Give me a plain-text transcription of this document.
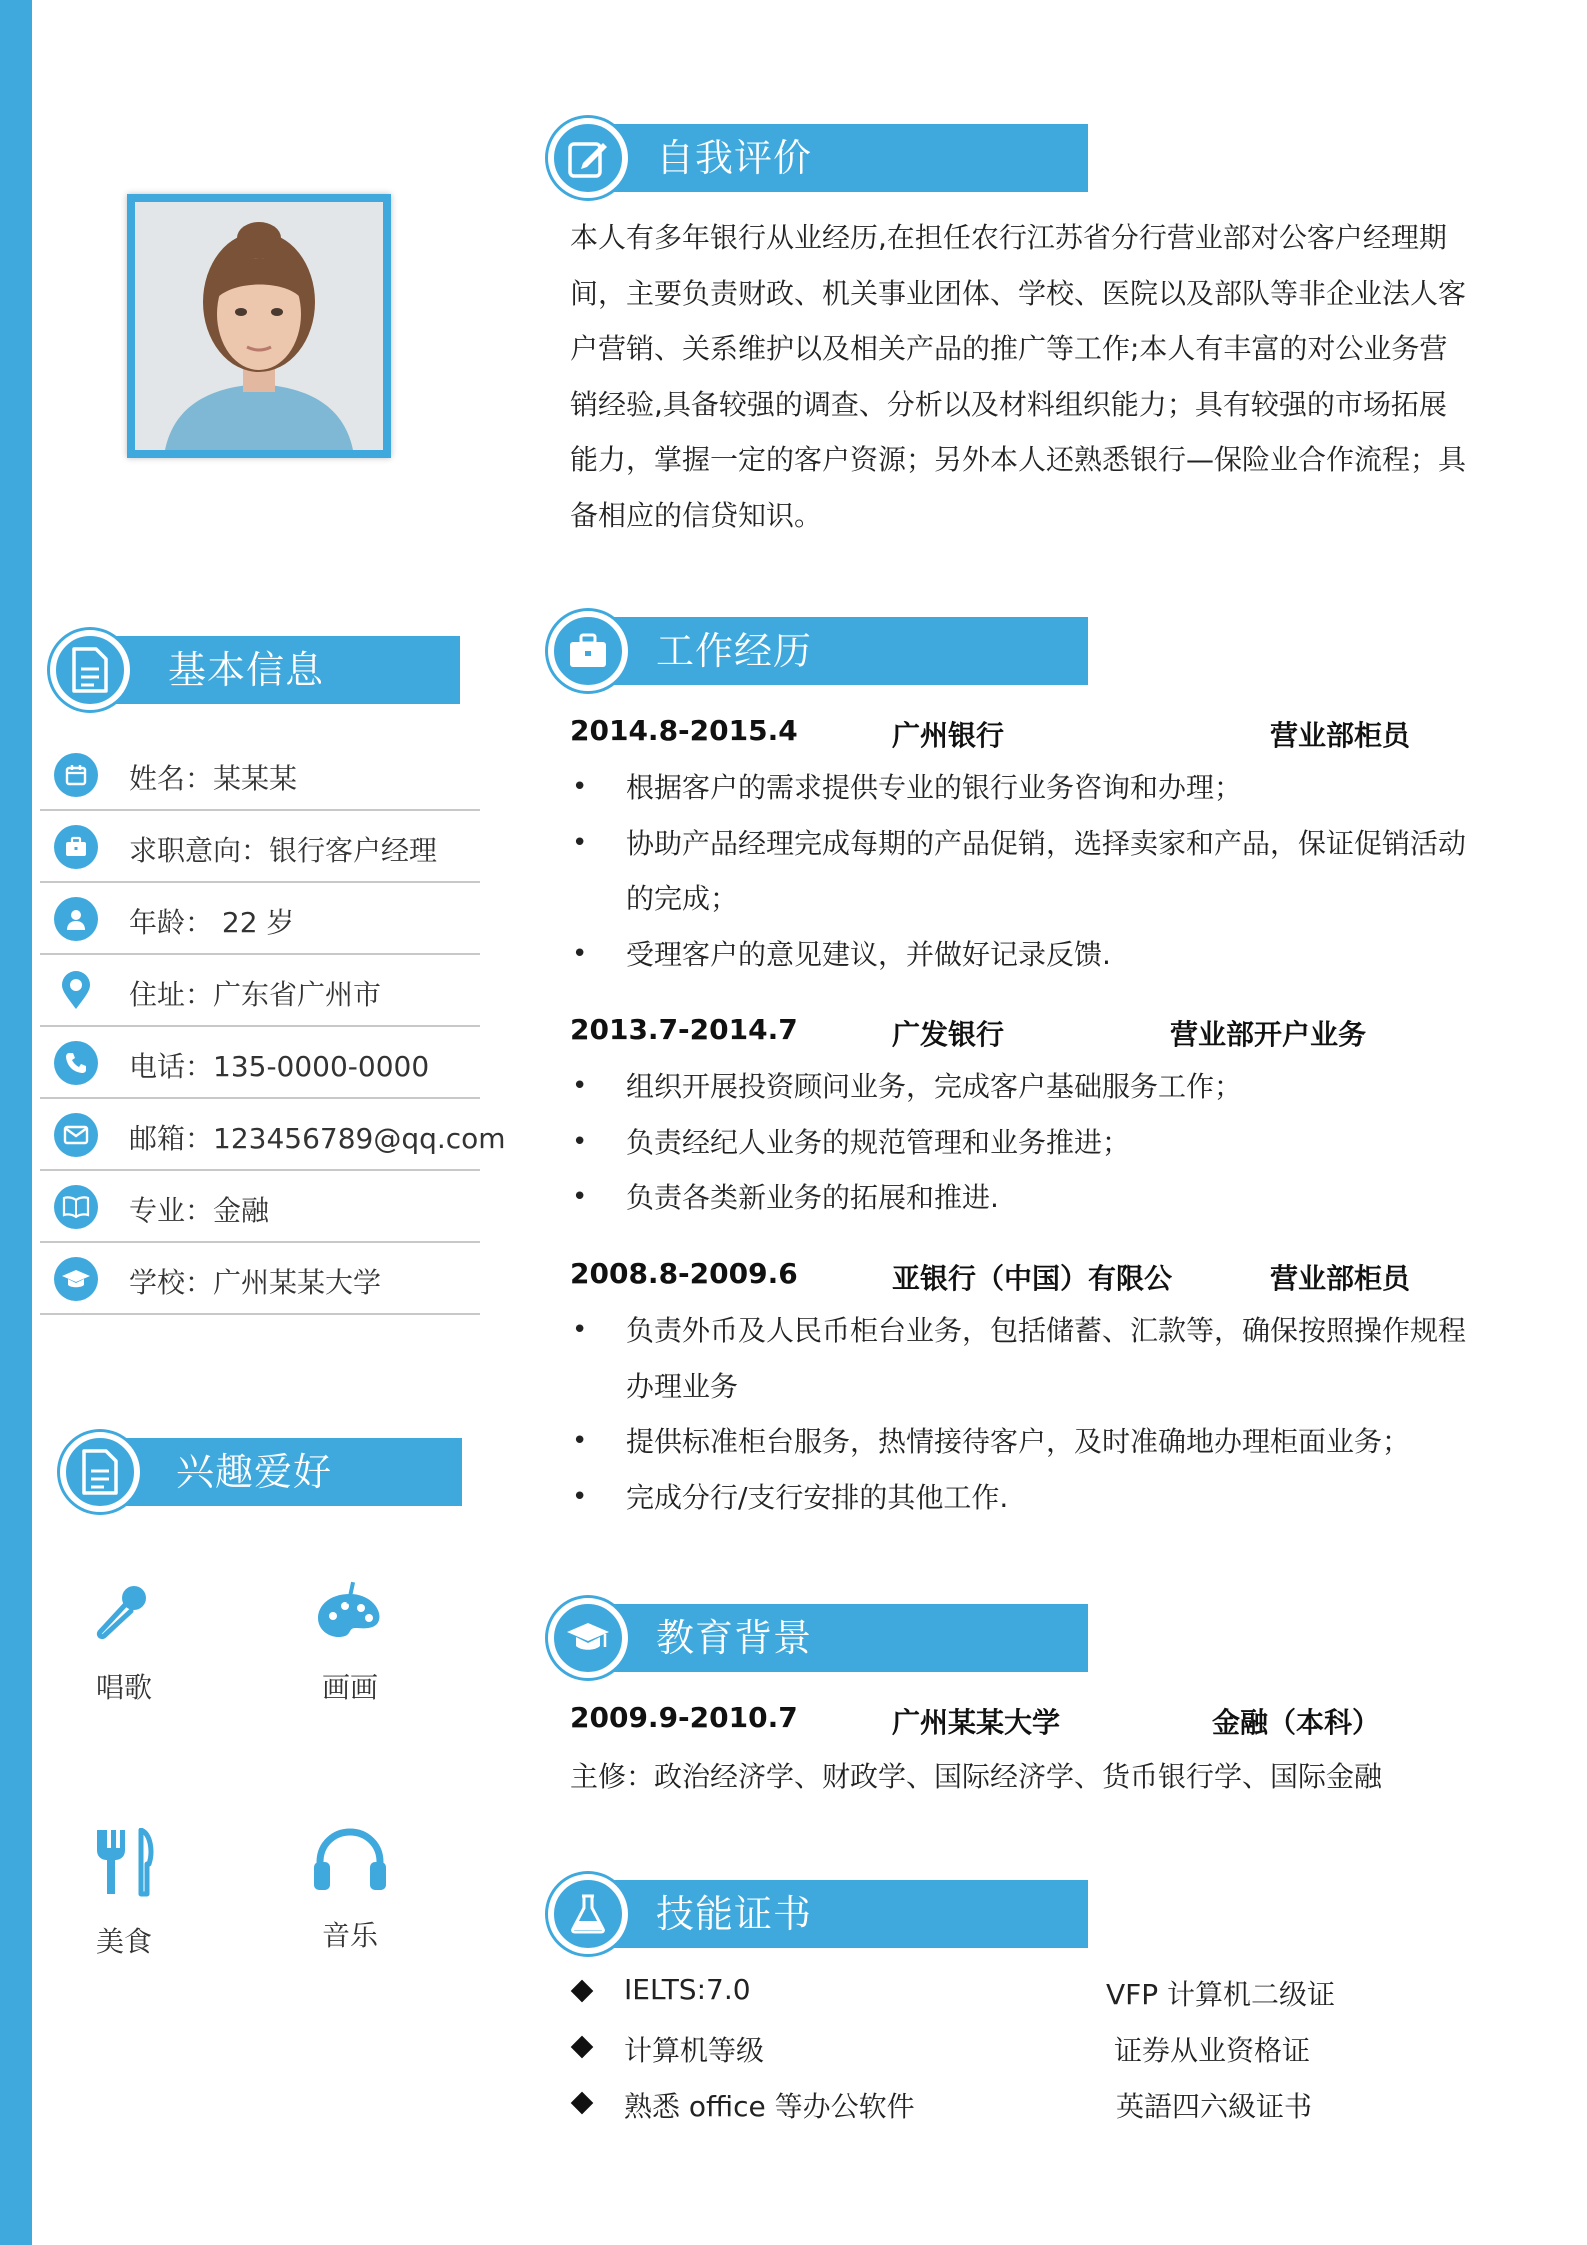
基本信息
姓名：某某某
求职意向：银行客户经理
年龄： 22 岁
住址：广东省广州市
电话：135-0000-0000
邮箱：123456789@qq.com
专业：金融
学校：广州某某大学
兴趣爱好
唱歌	画画
美食	音乐
自我评价
本人有多年银行从业经历,在担任农行江苏省分行营业部对公客户经理期间，主要负责财政、机关事业团体、学校、医院以及部队等非企业法人客户营销、关系维护以及相关产品的推广等工作;本人有丰富的对公业务营销经验,具备较强的调查、分析以及材料组织能力；具有较强的市场拓展能力，掌握一定的客户资源；另外本人还熟悉银行—保险业合作流程；具备相应的信贷知识。
工作经历
2014.8-2015.4	广州银行	营业部柜员
• 根据客户的需求提供专业的银行业务咨询和办理；
• 协助产品经理完成每期的产品促销，选择卖家和产品，保证促销活动的完成；
• 受理客户的意见建议，并做好记录反馈.
2013.7-2014.7	广发银行	营业部开户业务
• 组织开展投资顾问业务，完成客户基础服务工作；
• 负责经纪人业务的规范管理和业务推进；
• 负责各类新业务的拓展和推进.
2008.8-2009.6	亚银行（中国）有限公	营业部柜员
• 负责外币及人民币柜台业务，包括储蓄、汇款等，确保按照操作规程办理业务
• 提供标准柜台服务，热情接待客户，及时准确地办理柜面业务；
• 完成分行/支行安排的其他工作.
教育背景
2009.9-2010.7	广州某某大学	金融（本科）
主修：政治经济学、财政学、国际经济学、货币银行学、国际金融
技能证书
IELTS:7.0	VFP 计算机二级证
计算机等级	证券从业资格证
熟悉 office 等办公软件	英語四六級证书
